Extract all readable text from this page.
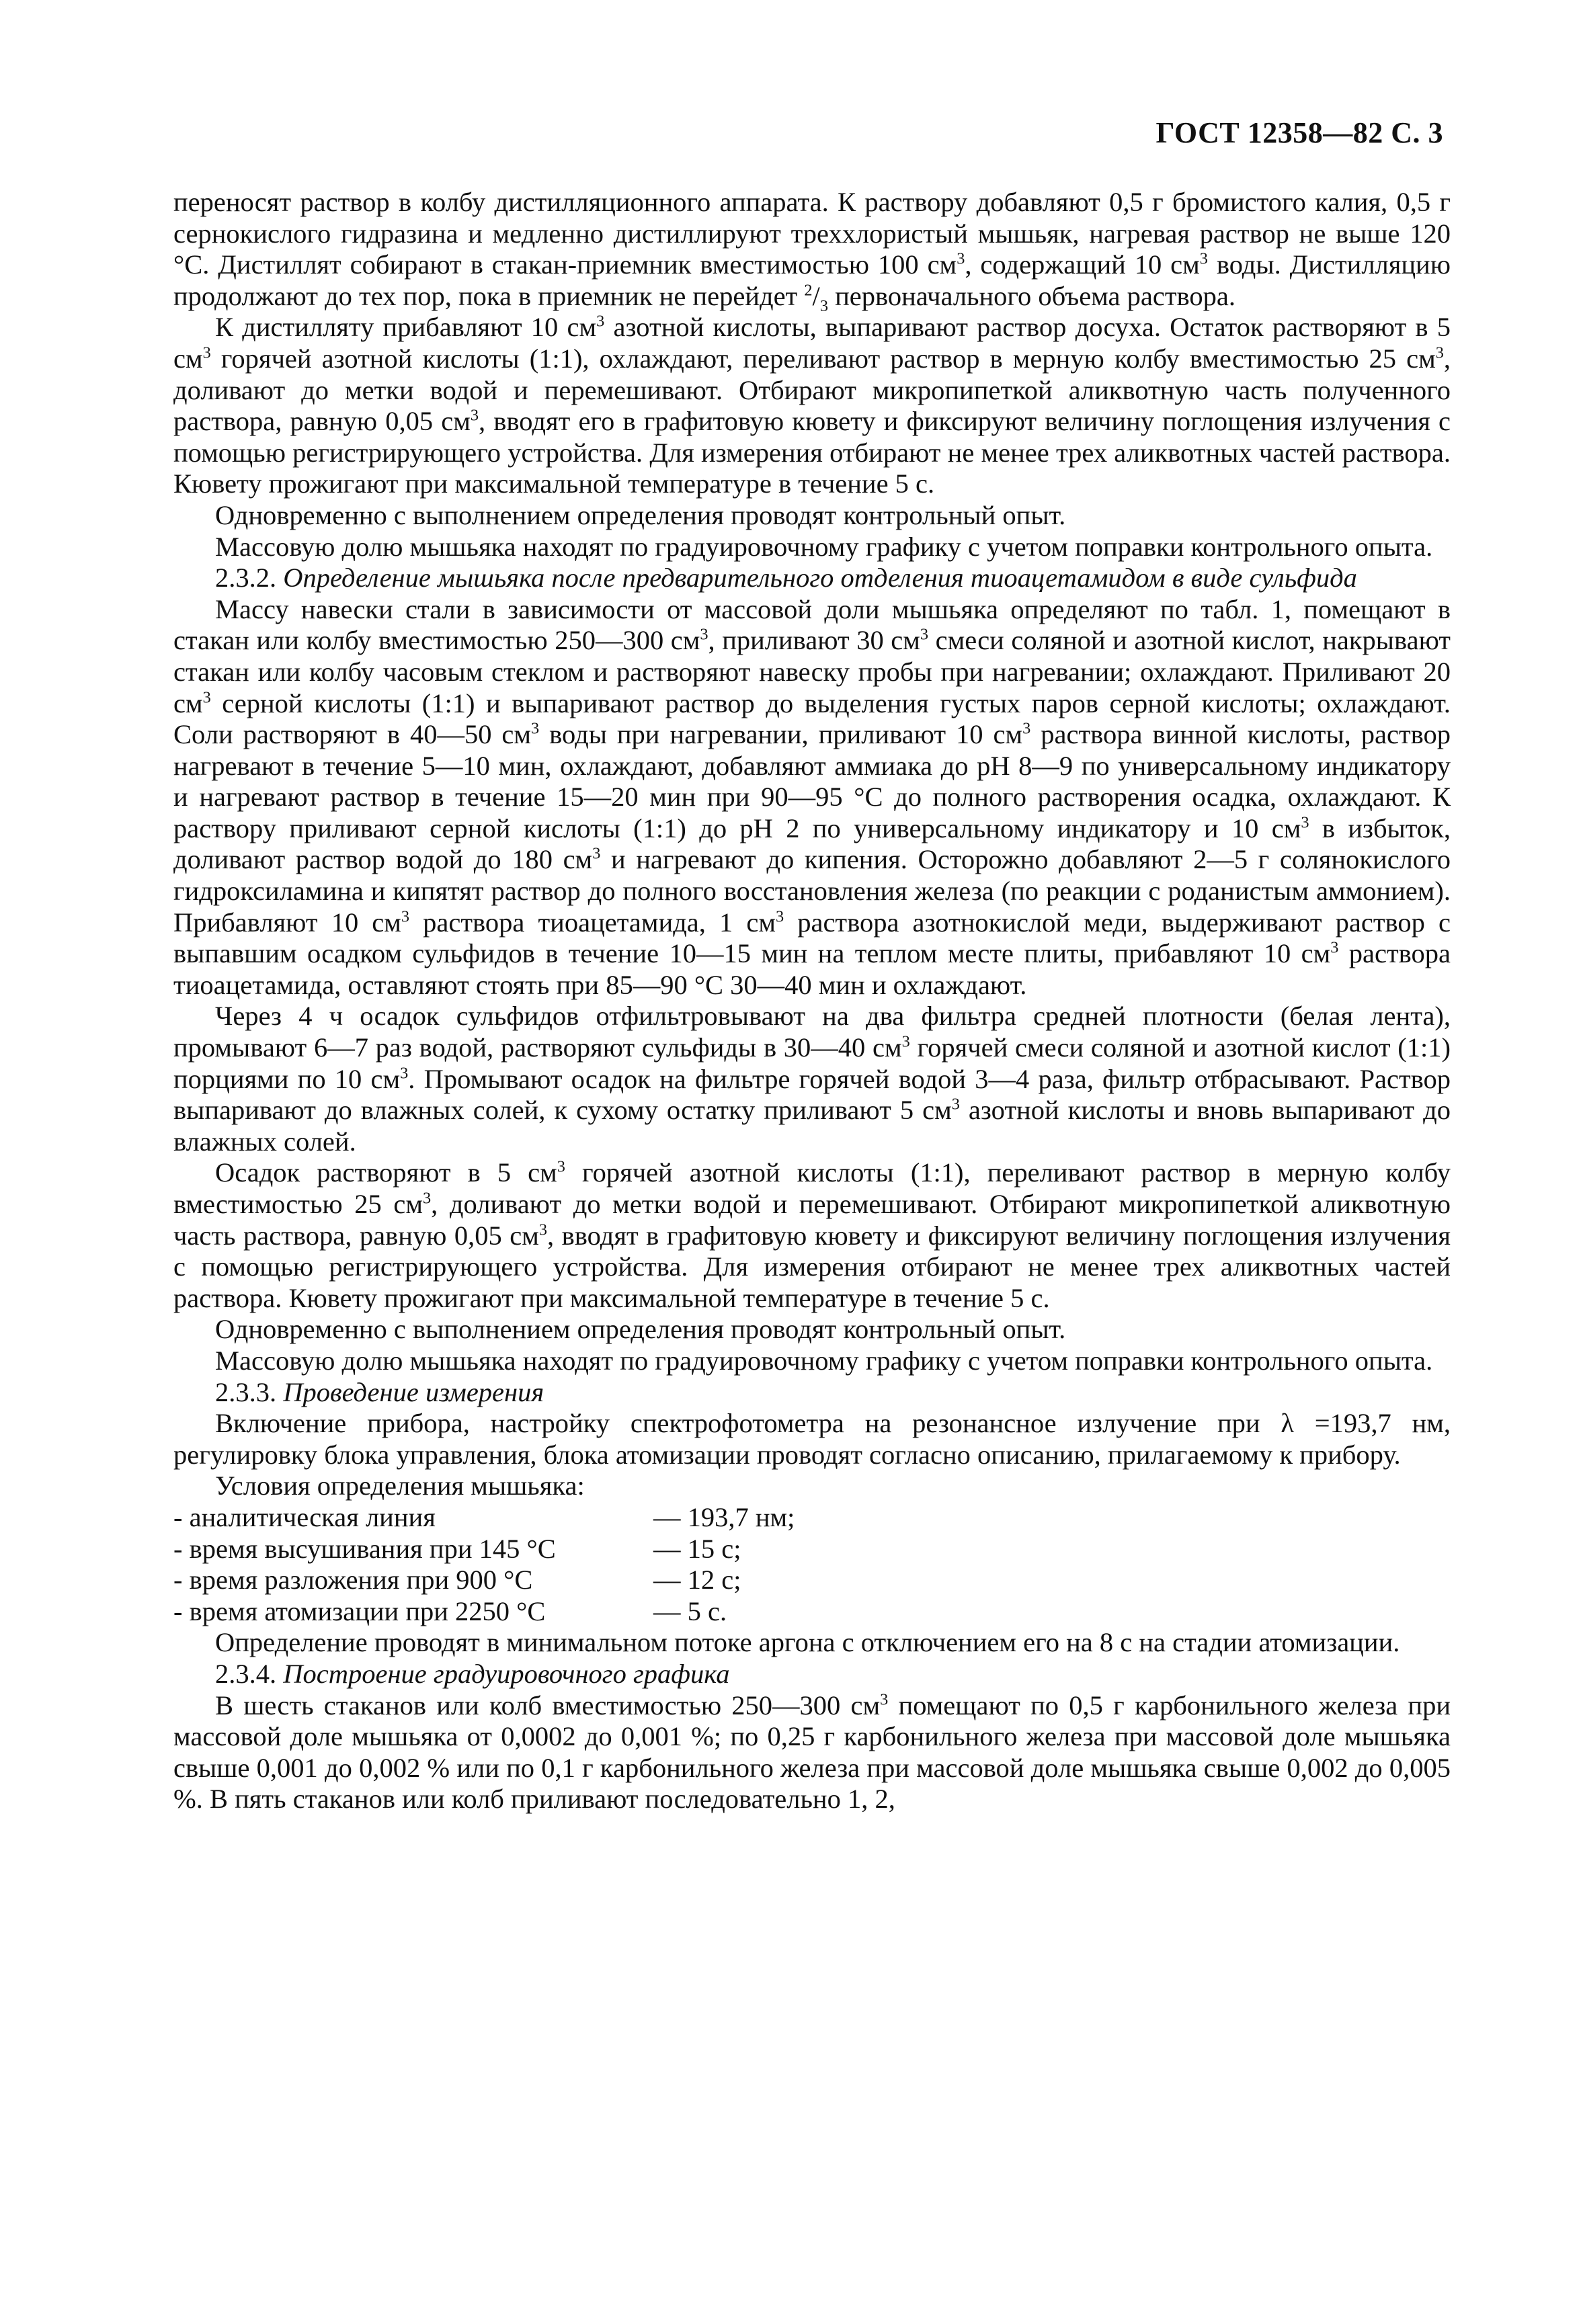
ГОСТ 12358—82 С. 3

переносят раствор в колбу дистилляционного аппарата. К раствору добавляют 0,5 г бромистого калия, 0,5 г сернокислого гидразина и медленно дистиллируют треххлористый мышьяк, нагревая раствор не выше 120 °С. Дистиллят собирают в стакан-приемник вместимостью 100 $см^3$, содержащий 10 $см^3$ воды. Дистилляцию продолжают до тех пор, пока в приемник не перейдет $^2/_3$ первоначального объема раствора.

К дистилляту прибавляют 10 $см^3$ азотной кислоты, выпаривают раствор досуха. Остаток растворяют в 5 $см^3$ горячей азотной кислоты (1:1), охлаждают, переливают раствор в мерную колбу вместимостью 25 $см^3$, доливают до метки водой и перемешивают. Отбирают микропипеткой аликвотную часть полученного раствора, равную 0,05 $см^3$, вводят его в графитовую кювету и фиксируют величину поглощения излучения с помощью регистрирующего устройства. Для измерения отбирают не менее трех аликвотных частей раствора. Кювету прожигают при максимальной температуре в течение 5 с.

Одновременно с выполнением определения проводят контрольный опыт.

Массовую долю мышьяка находят по градуировочному графику с учетом поправки контрольного опыта.

2.3.2. Определение мышьяка после предварительного отделения тиоацетамидом в виде сульфида

Массу навески стали в зависимости от массовой доли мышьяка определяют по табл. 1, помещают в стакан или колбу вместимостью 250—300 $см^3$, приливают 30 $см^3$ смеси соляной и азотной кислот, накрывают стакан или колбу часовым стеклом и растворяют навеску пробы при нагревании; охлаждают. Приливают 20 $см^3$ серной кислоты (1:1) и выпаривают раствор до выделения густых паров серной кислоты; охлаждают. Соли растворяют в 40—50 $см^3$ воды при нагревании, приливают 10 $см^3$ раствора винной кислоты, раствор нагревают в течение 5—10 мин, охлаждают, добавляют аммиака до pH 8—9 по универсальному индикатору и нагревают раствор в течение 15—20 мин при 90—95 °С до полного растворения осадка, охлаждают. К раствору приливают серной кислоты (1:1) до pH 2 по универсальному индикатору и 10 $см^3$ в избыток, доливают раствор водой до 180 $см^3$ и нагревают до кипения. Осторожно добавляют 2—5 г солянокислого гидроксиламина и кипятят раствор до полного восстановления железа (по реакции с роданистым аммонием). Прибавляют 10 $см^3$ раствора тиоацетамида, 1 $см^3$ раствора азотнокислой меди, выдерживают раствор с выпавшим осадком сульфидов в течение 10—15 мин на теплом месте плиты, прибавляют 10 $см^3$ раствора тиоацетамида, оставляют стоять при 85—90 °С 30—40 мин и охлаждают.

Через 4 ч осадок сульфидов отфильтровывают на два фильтра средней плотности (белая лента), промывают 6—7 раз водой, растворяют сульфиды в 30—40 $см^3$ горячей смеси соляной и азотной кислот (1:1) порциями по 10 $см^3$. Промывают осадок на фильтре горячей водой 3—4 раза, фильтр отбрасывают. Раствор выпаривают до влажных солей, к сухому остатку приливают 5 $см^3$ азотной кислоты и вновь выпаривают до влажных солей.

Осадок растворяют в 5 $см^3$ горячей азотной кислоты (1:1), переливают раствор в мерную колбу вместимостью 25 $см^3$, доливают до метки водой и перемешивают. Отбирают микропипеткой аликвотную часть раствора, равную 0,05 $см^3$, вводят в графитовую кювету и фиксируют величину поглощения излучения с помощью регистрирующего устройства. Для измерения отбирают не менее трех аликвотных частей раствора. Кювету прожигают при максимальной температуре в течение 5 с.

Одновременно с выполнением определения проводят контрольный опыт.

Массовую долю мышьяка находят по градуировочному графику с учетом поправки контрольного опыта.

2.3.3. Проведение измерения

Включение прибора, настройку спектрофотометра на резонансное излучение при λ =193,7 нм, регулировку блока управления, блока атомизации проводят согласно описанию, прилагаемому к прибору.

Условия определения мышьяка:

- аналитическая линия	— 193,7 нм;
- время высушивания при 145 °С	— 15 с;
- время разложения при 900 °С	— 12 с;
- время атомизации при 2250 °С	— 5 с.

Определение проводят в минимальном потоке аргона с отключением его на 8 с на стадии атомизации.

2.3.4. Построение градуировочного графика

В шесть стаканов или колб вместимостью 250—300 $см^3$ помещают по 0,5 г карбонильного железа при массовой доле мышьяка от 0,0002 до 0,001 %; по 0,25 г карбонильного железа при массовой доле мышьяка свыше 0,001 до 0,002 % или по 0,1 г карбонильного железа при массовой доле мышьяка свыше 0,002 до 0,005 %. В пять стаканов или колб приливают последовательно 1, 2,
